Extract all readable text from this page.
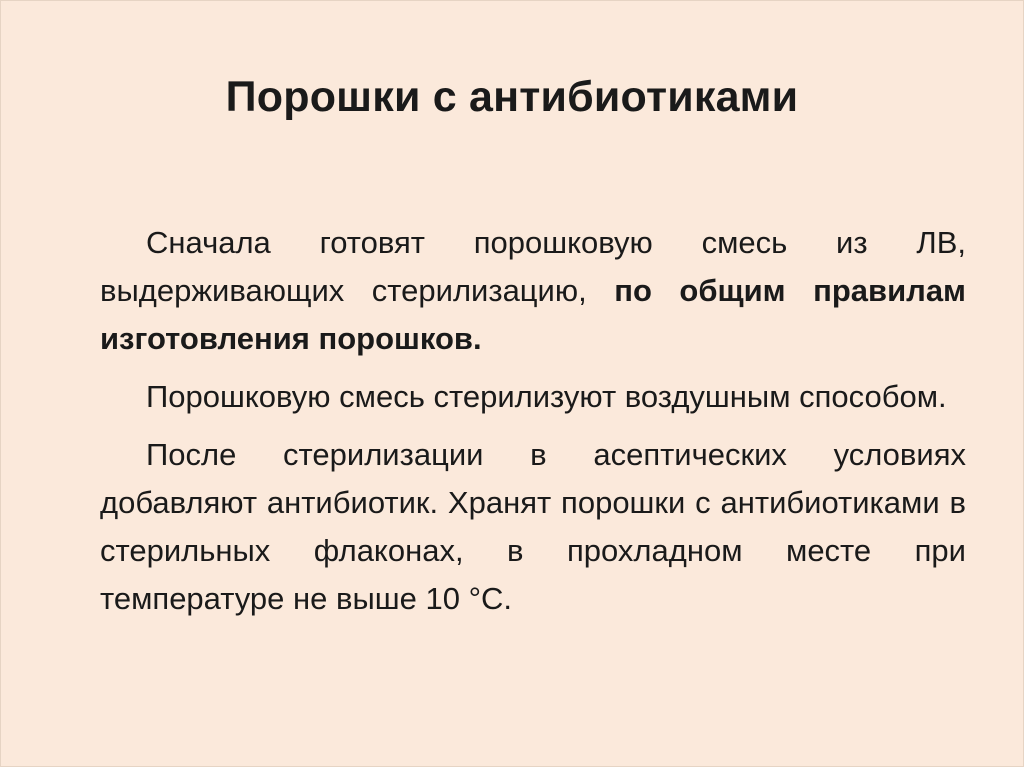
Порошки с антибиотиками

Сначала готовят порошковую смесь из ЛВ, выдерживающих стерилизацию, по общим правилам изготовления порошков.

Порошковую смесь стерилизуют воздушным способом.

После стерилизации в асептических условиях добавляют антибиотик. Хранят порошки с антибиотиками в стерильных флаконах, в прохладном месте при температуре не выше 10 °С.
